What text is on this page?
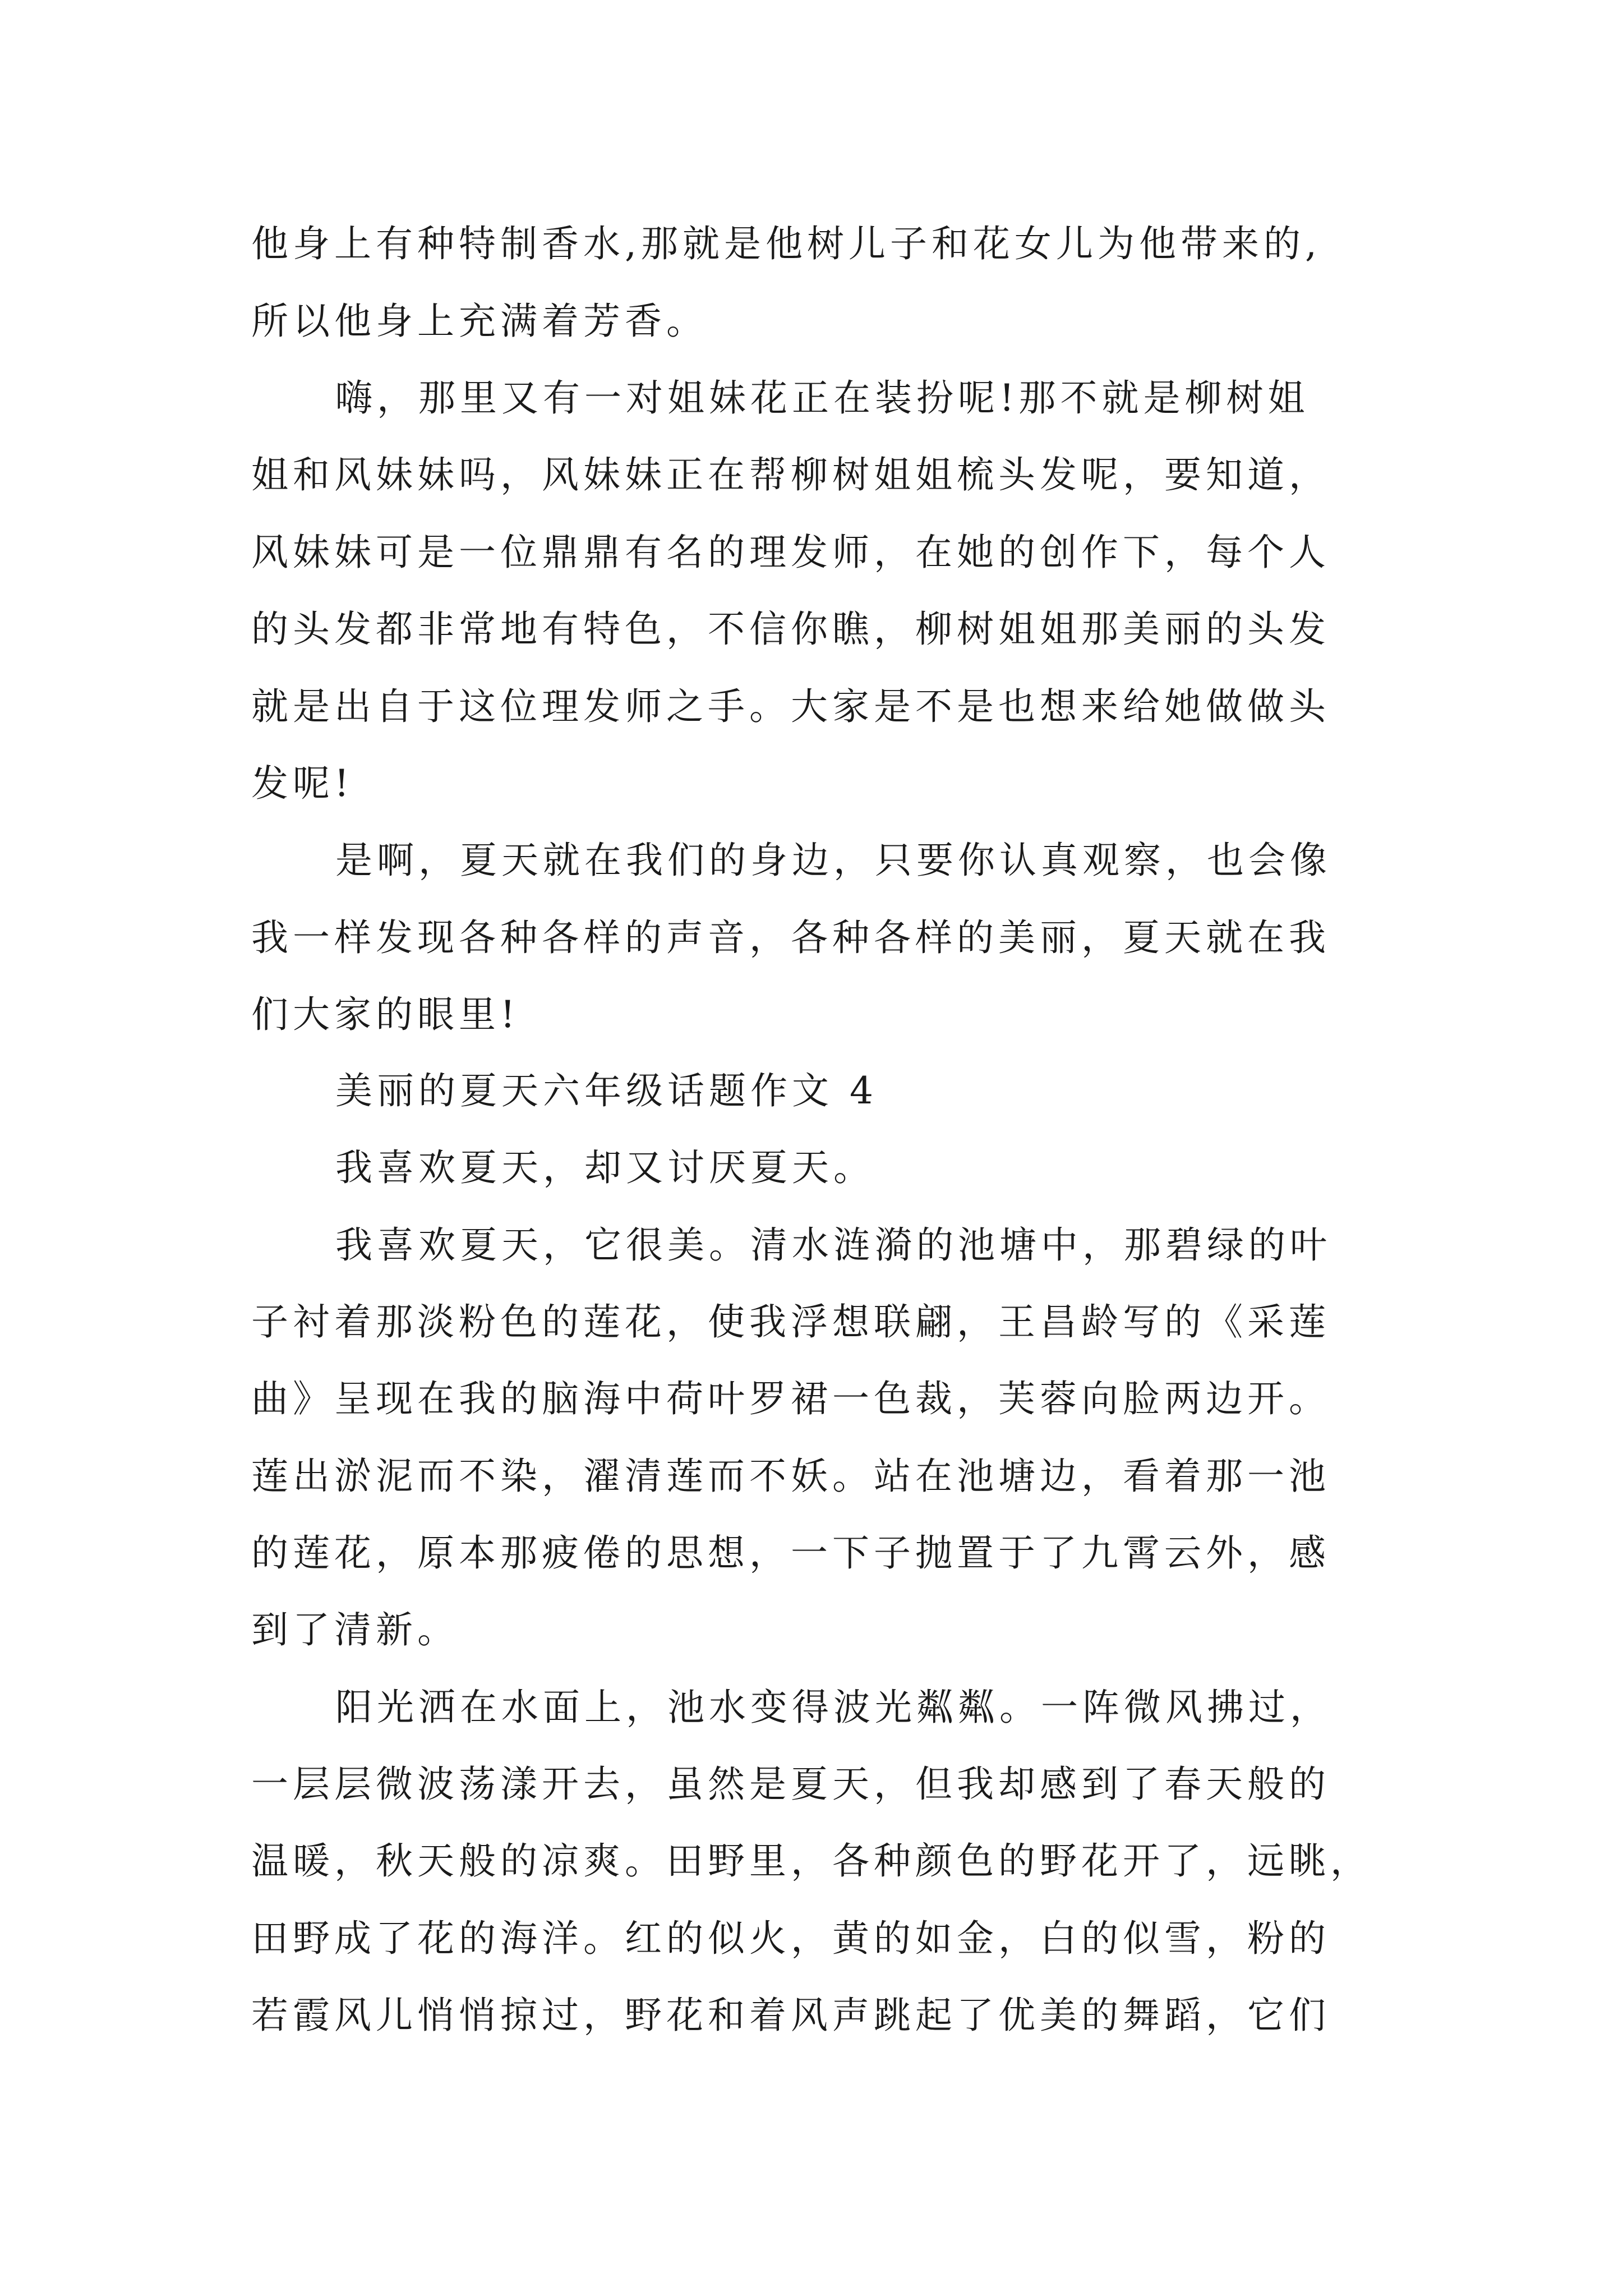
他身上有种特制香水,那就是他树儿子和花女儿为他带来的,
所以他身上充满着芳香。
嗨，那里又有一对姐妹花正在装扮呢!那不就是柳树姐
姐和风妹妹吗，风妹妹正在帮柳树姐姐梳头发呢，要知道，
风妹妹可是一位鼎鼎有名的理发师，在她的创作下，每个人
的头发都非常地有特色，不信你瞧，柳树姐姐那美丽的头发
就是出自于这位理发师之手。大家是不是也想来给她做做头
发呢!
是啊，夏天就在我们的身边，只要你认真观察，也会像
我一样发现各种各样的声音，各种各样的美丽，夏天就在我
们大家的眼里!
美丽的夏天六年级话题作文 4
我喜欢夏天，却又讨厌夏天。
我喜欢夏天，它很美。清水涟漪的池塘中，那碧绿的叶
子衬着那淡粉色的莲花，使我浮想联翩，王昌龄写的《采莲
曲》呈现在我的脑海中荷叶罗裙一色裁，芙蓉向脸两边开。
莲出淤泥而不染，濯清莲而不妖。站在池塘边，看着那一池
的莲花，原本那疲倦的思想，一下子抛置于了九霄云外，感
到了清新。
阳光洒在水面上，池水变得波光粼粼。一阵微风拂过，
一层层微波荡漾开去，虽然是夏天，但我却感到了春天般的
温暖，秋天般的凉爽。田野里，各种颜色的野花开了，远眺，
田野成了花的海洋。红的似火，黄的如金，白的似雪，粉的
若霞风儿悄悄掠过，野花和着风声跳起了优美的舞蹈，它们
